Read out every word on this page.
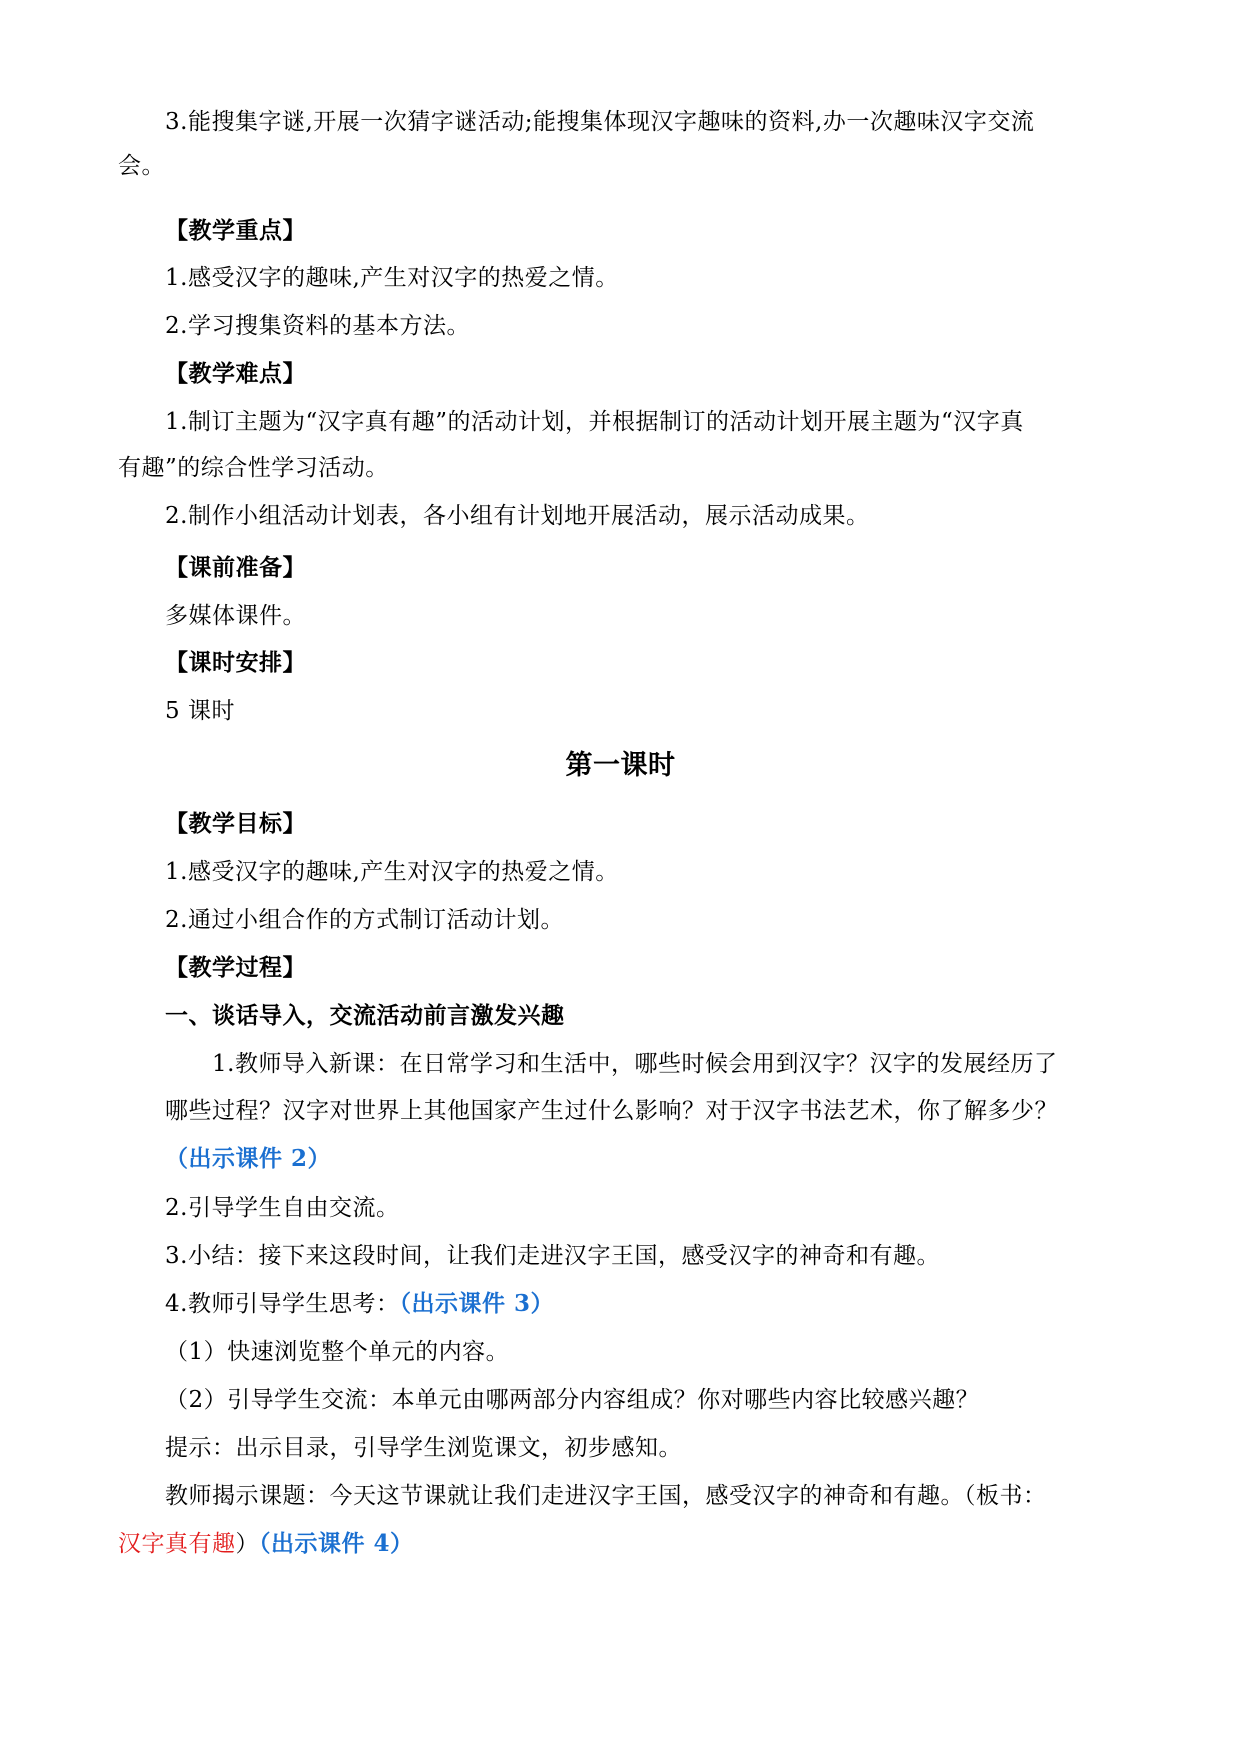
3.能搜集字谜,开展一次猜字谜活动;能搜集体现汉字趣味的资料,办一次趣味汉字交流
会。
【教学重点】
1.感受汉字的趣味,产生对汉字的热爱之情。
2.学习搜集资料的基本方法。
【教学难点】
1.制订主题为“汉字真有趣”的活动计划，并根据制订的活动计划开展主题为“汉字真
有趣”的综合性学习活动。
2.制作小组活动计划表，各小组有计划地开展活动，展示活动成果。
【课前准备】
多媒体课件。
【课时安排】
5 课时
第一课时
【教学目标】
1.感受汉字的趣味,产生对汉字的热爱之情。
2.通过小组合作的方式制订活动计划。
【教学过程】
一、谈话导入，交流活动前言激发兴趣
1.教师导入新课：在日常学习和生活中，哪些时候会用到汉字？汉字的发展经历了
哪些过程？汉字对世界上其他国家产生过什么影响？对于汉字书法艺术，你了解多少？
（出示课件 2）
2.引导学生自由交流。
3.小结：接下来这段时间，让我们走进汉字王国，感受汉字的神奇和有趣。
4.教师引导学生思考：（出示课件 3）
（1）快速浏览整个单元的内容。
（2）引导学生交流：本单元由哪两部分内容组成？你对哪些内容比较感兴趣？
提示：出示目录，引导学生浏览课文，初步感知。
教师揭示课题：今天这节课就让我们走进汉字王国，感受汉字的神奇和有趣。（板书：
汉字真有趣）（出示课件 4）
